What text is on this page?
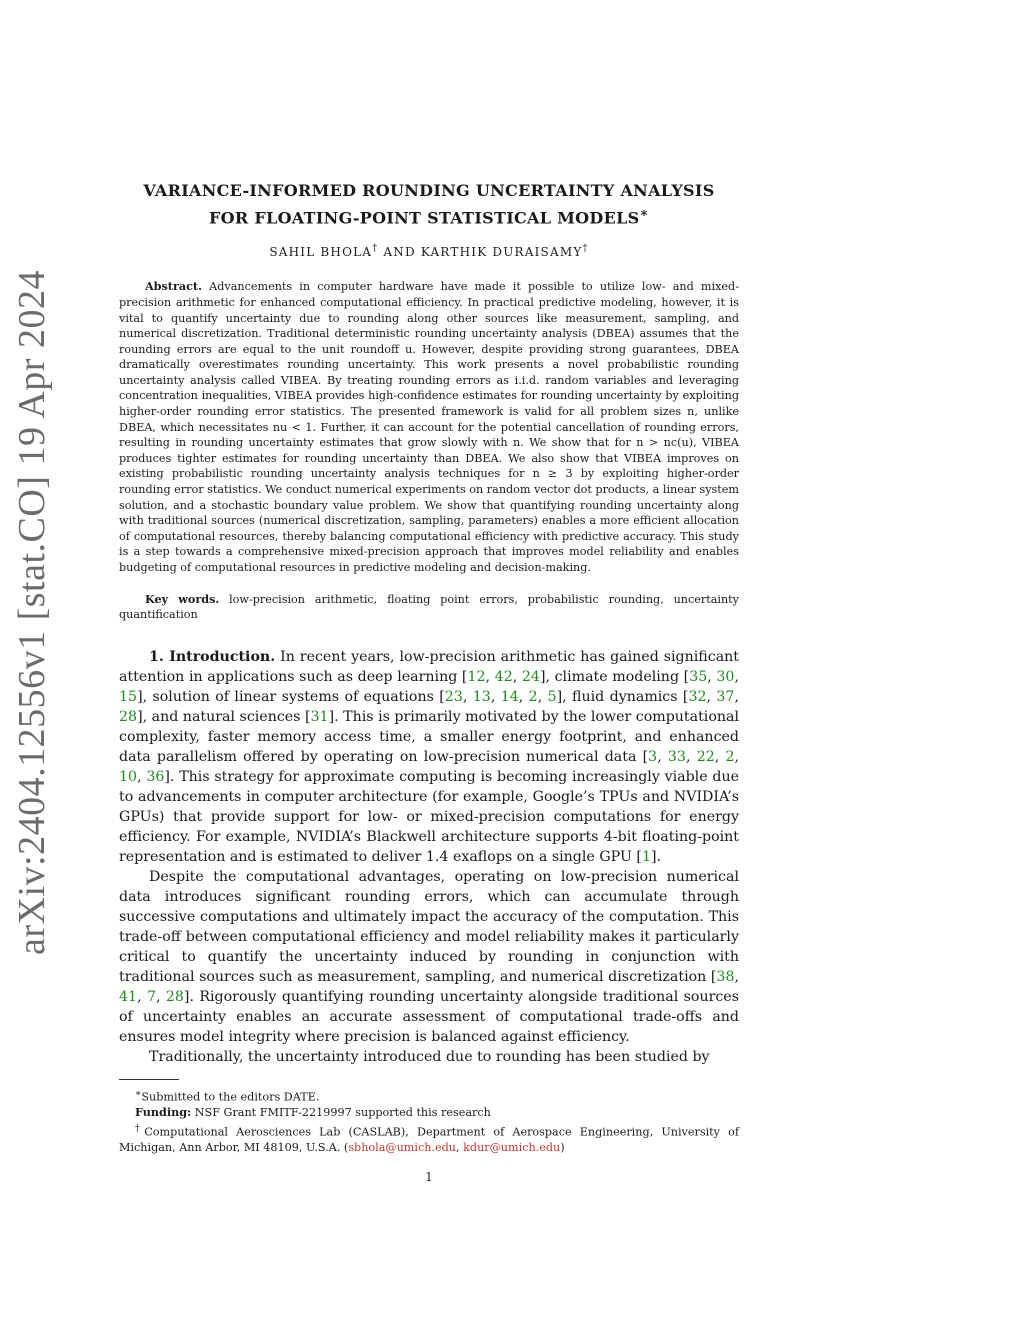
arXiv:2404.12556v1 [stat.CO] 19 Apr 2024
VARIANCE-INFORMED ROUNDING UNCERTAINTY ANALYSIS
FOR FLOATING-POINT STATISTICAL MODELS∗
SAHIL BHOLA† AND KARTHIK DURAISAMY†
Abstract. Advancements in computer hardware have made it possible to utilize low- and mixed-precision arithmetic for enhanced computational efficiency. In practical predictive modeling, however, it is vital to quantify uncertainty due to rounding along other sources like measurement, sampling, and numerical discretization. Traditional deterministic rounding uncertainty analysis (DBEA) assumes that the rounding errors are equal to the unit roundoff u. However, despite providing strong guarantees, DBEA dramatically overestimates rounding uncertainty. This work presents a novel probabilistic rounding uncertainty analysis called VIBEA. By treating rounding errors as i.i.d. random variables and leveraging concentration inequalities, VIBEA provides high-confidence estimates for rounding uncertainty by exploiting higher-order rounding error statistics. The presented framework is valid for all problem sizes n, unlike DBEA, which necessitates nu < 1. Further, it can account for the potential cancellation of rounding errors, resulting in rounding uncertainty estimates that grow slowly with n. We show that for n > nc(u), VIBEA produces tighter estimates for rounding uncertainty than DBEA. We also show that VIBEA improves on existing probabilistic rounding uncertainty analysis techniques for n ≥ 3 by exploiting higher-order rounding error statistics. We conduct numerical experiments on random vector dot products, a linear system solution, and a stochastic boundary value problem. We show that quantifying rounding uncertainty along with traditional sources (numerical discretization, sampling, parameters) enables a more efficient allocation of computational resources, thereby balancing computational efficiency with predictive accuracy. This study is a step towards a comprehensive mixed-precision approach that improves model reliability and enables budgeting of computational resources in predictive modeling and decision-making.
Key words. low-precision arithmetic, floating point errors, probabilistic rounding, uncertainty quantification

1. Introduction. In recent years, low-precision arithmetic has gained significant attention in applications such as deep learning [12, 42, 24], climate modeling [35, 30, 15], solution of linear systems of equations [23, 13, 14, 2, 5], fluid dynamics [32, 37, 28], and natural sciences [31]. This is primarily motivated by the lower computational complexity, faster memory access time, a smaller energy footprint, and enhanced data parallelism offered by operating on low-precision numerical data [3, 33, 22, 2, 10, 36]. This strategy for approximate computing is becoming increasingly viable due to advancements in computer architecture (for example, Google’s TPUs and NVIDIA’s GPUs) that provide support for low- or mixed-precision computations for energy efficiency. For example, NVIDIA’s Blackwell architecture supports 4-bit floating-point representation and is estimated to deliver 1.4 exaflops on a single GPU [1].

Despite the computational advantages, operating on low-precision numerical data introduces significant rounding errors, which can accumulate through successive computations and ultimately impact the accuracy of the computation. This trade-off between computational efficiency and model reliability makes it particularly critical to quantify the uncertainty induced by rounding in conjunction with traditional sources such as measurement, sampling, and numerical discretization [38, 41, 7, 28]. Rigorously quantifying rounding uncertainty alongside traditional sources of uncertainty enables an accurate assessment of computational trade-offs and ensures model integrity where precision is balanced against efficiency.

Traditionally, the uncertainty introduced due to rounding has been studied by

∗Submitted to the editors DATE.

Funding: NSF Grant FMITF-2219997 supported this research

†Computational Aerosciences Lab (CASLAB), Department of Aerospace Engineering, University of Michigan, Ann Arbor, MI 48109, U.S.A. (sbhola@umich.edu, kdur@umich.edu)

1
